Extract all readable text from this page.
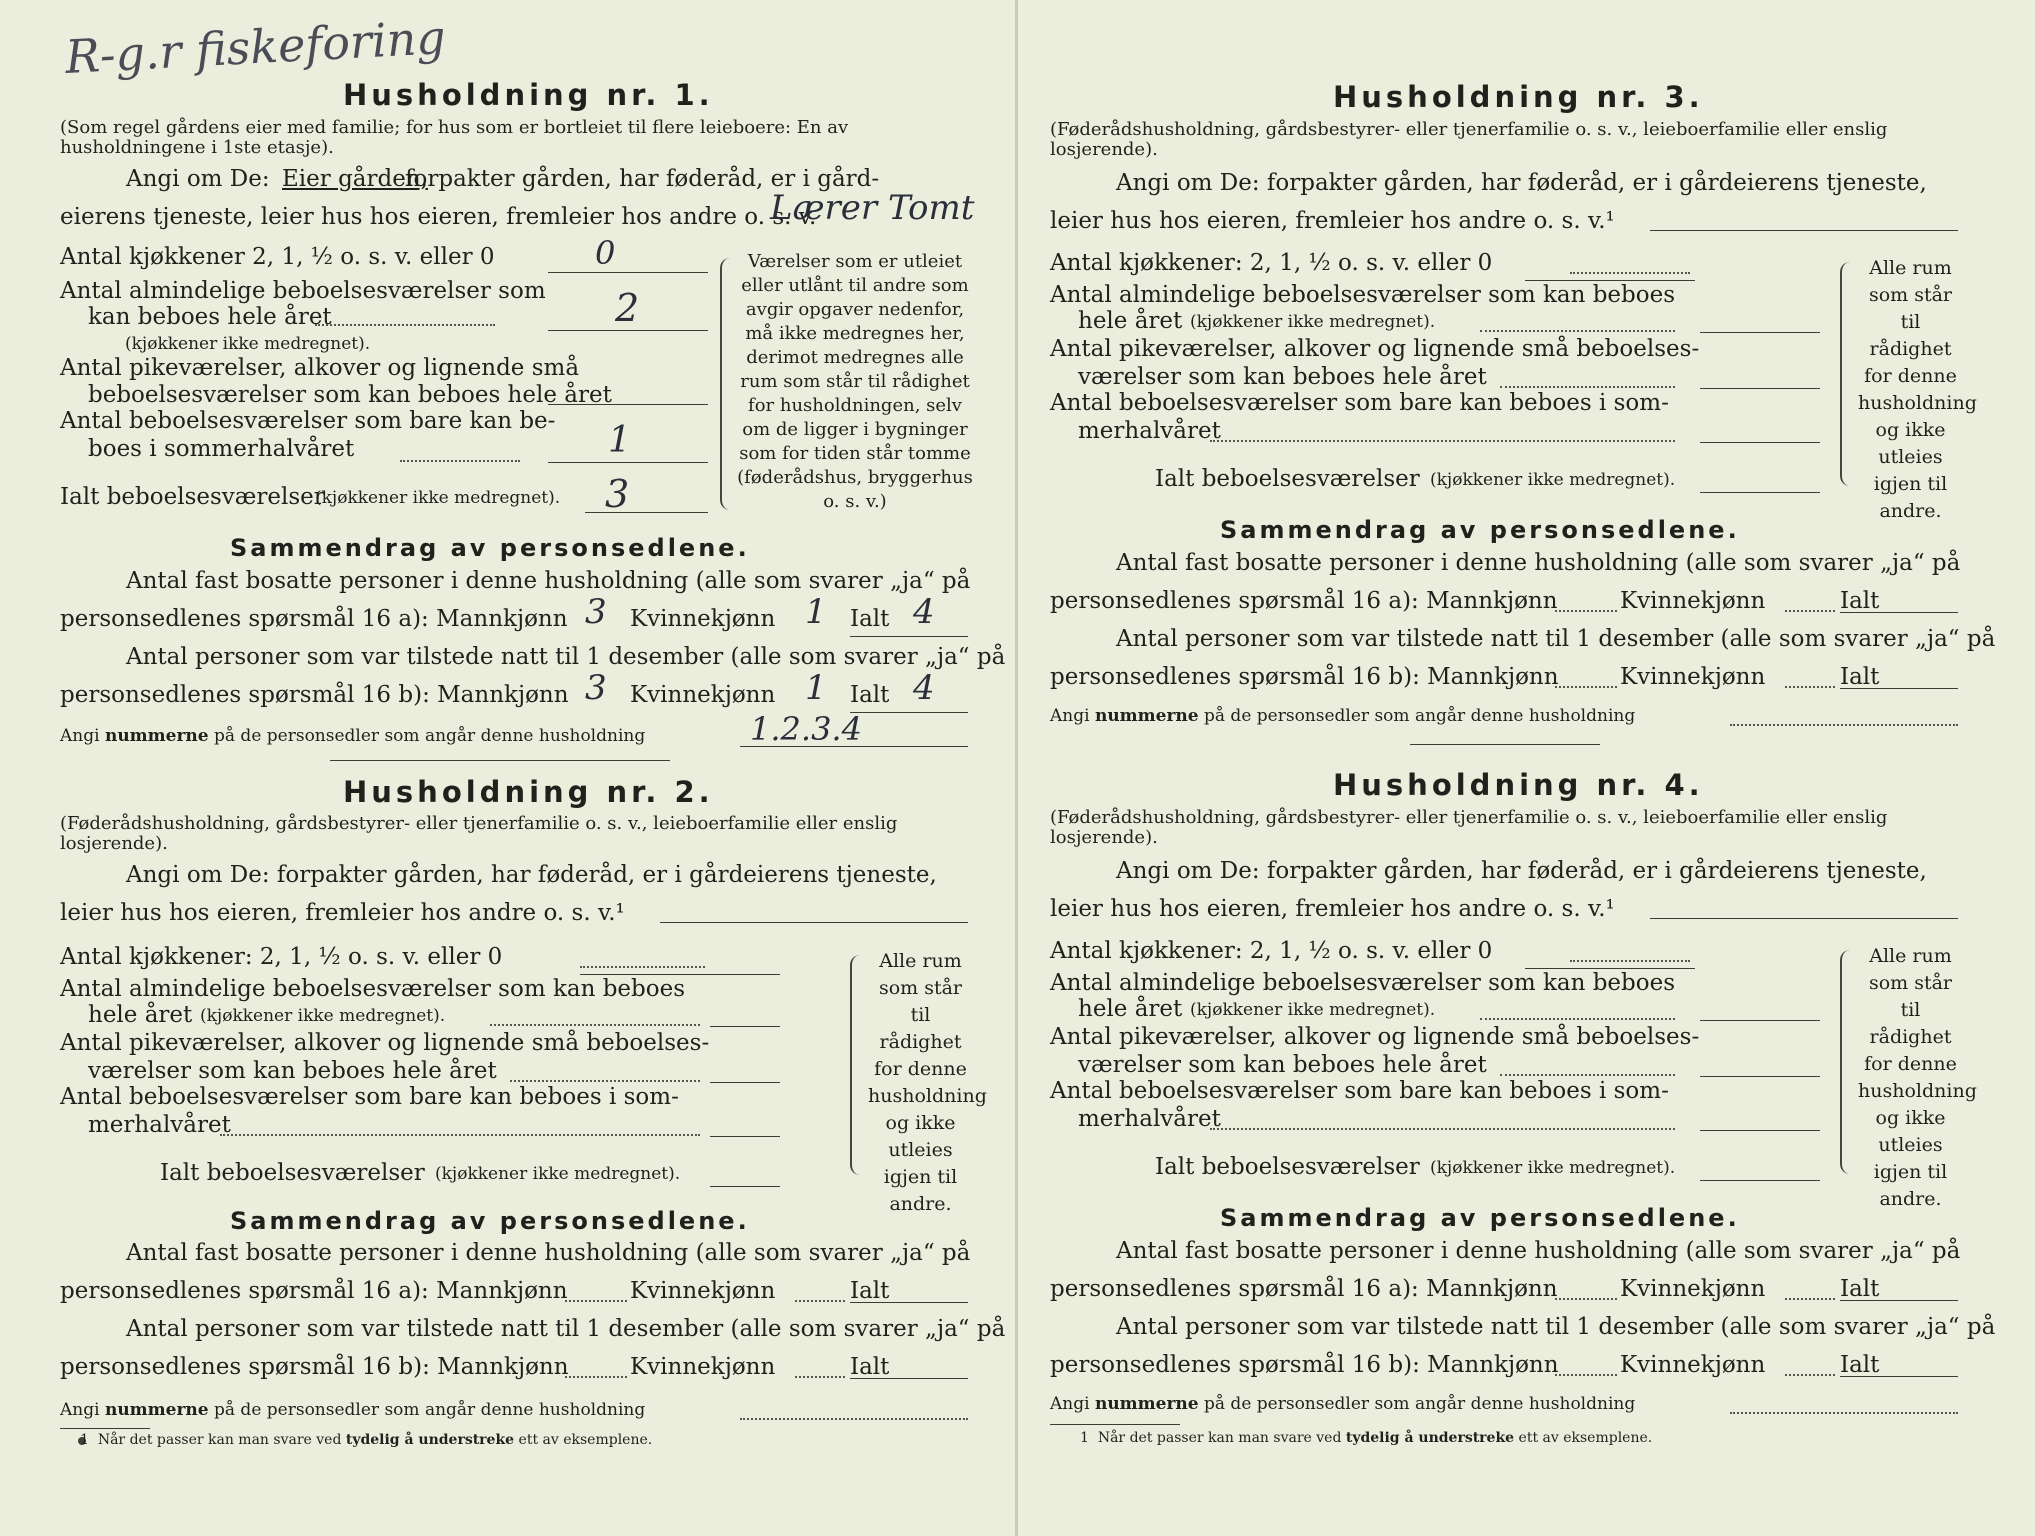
R-g.r fiskeforing
Husholdning nr. 1.
(Som regel gårdens eier med familie; for hus som er bortleiet til flere leieboere: En av husholdningene i 1ste etasje).
Angi om De: Eier gården,
forpakter gården, har føderåd, er i gård-
eierens tjeneste, leier hus hos eieren, fremleier hos andre o. s. v.
Lærer Tomt
Antal kjøkkener 2, 1, ½ o. s. v. eller 0	0
Antal almindelige beboelsesværelser som
kan beboes hele året
(kjøkkener ikke medregnet).
2
Antal pikeværelser, alkover og lignende små
beboelsesværelser som kan beboes hele året
Antal beboelsesværelser som bare kan be-
boes i sommerhalvåret	1
Ialt beboelsesværelser
(kjøkkener ikke medregnet). 3
Værelser som er utleiet eller utlånt til andre som avgir opgaver nedenfor, må ikke medregnes her, derimot medregnes alle rum som står til rådighet for husholdningen, selv om de ligger i bygninger som for tiden står tomme (føderådshus, bryggerhus o. s. v.)
Sammendrag av personsedlene.
Antal fast bosatte personer i denne husholdning (alle som svarer „ja“ på
personsedlenes spørsmål 16 a): Mannkjønn 3 Kvinnekjønn 1 Ialt 4
Antal personer som var tilstede natt til 1 desember (alle som svarer „ja“ på
personsedlenes spørsmål 16 b): Mannkjønn 3 Kvinnekjønn 1 Ialt 4
Angi nummerne på de personsedler som angår denne husholdning	1.2.3.4
Husholdning nr. 2.
(Føderådshusholdning, gårdsbestyrer- eller tjenerfamilie o. s. v., leieboerfamilie eller enslig losjerende).
Angi om De: forpakter gården, har føderåd, er i gårdeierens tjeneste,
leier hus hos eieren, fremleier hos andre o. s. v.¹
Antal kjøkkener: 2, 1, ½ o. s. v. eller 0
Antal almindelige beboelsesværelser som kan beboes
hele året (kjøkkener ikke medregnet).
Antal pikeværelser, alkover og lignende små beboelses-
værelser som kan beboes hele året
Antal beboelsesværelser som bare kan beboes i som-
merhalvåret
Ialt beboelsesværelser (kjøkkener ikke medregnet).
Alle rum som står til rådighet for denne husholdning og ikke utleies igjen til andre.
Sammendrag av personsedlene.
Antal fast bosatte personer i denne husholdning (alle som svarer „ja“ på
personsedlenes spørsmål 16 a): Mannkjønn	Kvinnekjønn	Ialt
Antal personer som var tilstede natt til 1 desember (alle som svarer „ja“ på
personsedlenes spørsmål 16 b): Mannkjønn	Kvinnekjønn	Ialt
Angi nummerne på de personsedler som angår denne husholdning
1 Når det passer kan man svare ved tydelig å understreke ett av eksemplene.
Husholdning nr. 3.
(Føderådshusholdning, gårdsbestyrer- eller tjenerfamilie o. s. v., leieboerfamilie eller enslig losjerende).
Angi om De: forpakter gården, har føderåd, er i gårdeierens tjeneste,
leier hus hos eieren, fremleier hos andre o. s. v.¹
Antal kjøkkener: 2, 1, ½ o. s. v. eller 0
Antal almindelige beboelsesværelser som kan beboes
hele året (kjøkkener ikke medregnet).
Antal pikeværelser, alkover og lignende små beboelses-
værelser som kan beboes hele året
Antal beboelsesværelser som bare kan beboes i som-
merhalvåret
Ialt beboelsesværelser (kjøkkener ikke medregnet).
Alle rum som står til rådighet for denne husholdning og ikke utleies igjen til andre.
Sammendrag av personsedlene.
Antal fast bosatte personer i denne husholdning (alle som svarer „ja“ på
personsedlenes spørsmål 16 a): Mannkjønn	Kvinnekjønn	Ialt
Antal personer som var tilstede natt til 1 desember (alle som svarer „ja“ på
personsedlenes spørsmål 16 b): Mannkjønn	Kvinnekjønn	Ialt
Angi nummerne på de personsedler som angår denne husholdning
Husholdning nr. 4.
(Føderådshusholdning, gårdsbestyrer- eller tjenerfamilie o. s. v., leieboerfamilie eller enslig losjerende).
Angi om De: forpakter gården, har føderåd, er i gårdeierens tjeneste,
leier hus hos eieren, fremleier hos andre o. s. v.¹
Antal kjøkkener: 2, 1, ½ o. s. v. eller 0
Antal almindelige beboelsesværelser som kan beboes
hele året (kjøkkener ikke medregnet).
Antal pikeværelser, alkover og lignende små beboelses-
værelser som kan beboes hele året
Antal beboelsesværelser som bare kan beboes i som-
merhalvåret
Ialt beboelsesværelser (kjøkkener ikke medregnet).
Alle rum som står til rådighet for denne husholdning og ikke utleies igjen til andre.
Sammendrag av personsedlene.
Antal fast bosatte personer i denne husholdning (alle som svarer „ja“ på
personsedlenes spørsmål 16 a): Mannkjønn	Kvinnekjønn	Ialt
Antal personer som var tilstede natt til 1 desember (alle som svarer „ja“ på
personsedlenes spørsmål 16 b): Mannkjønn	Kvinnekjønn	Ialt
Angi nummerne på de personsedler som angår denne husholdning
1 Når det passer kan man svare ved tydelig å understreke ett av eksemplene.
